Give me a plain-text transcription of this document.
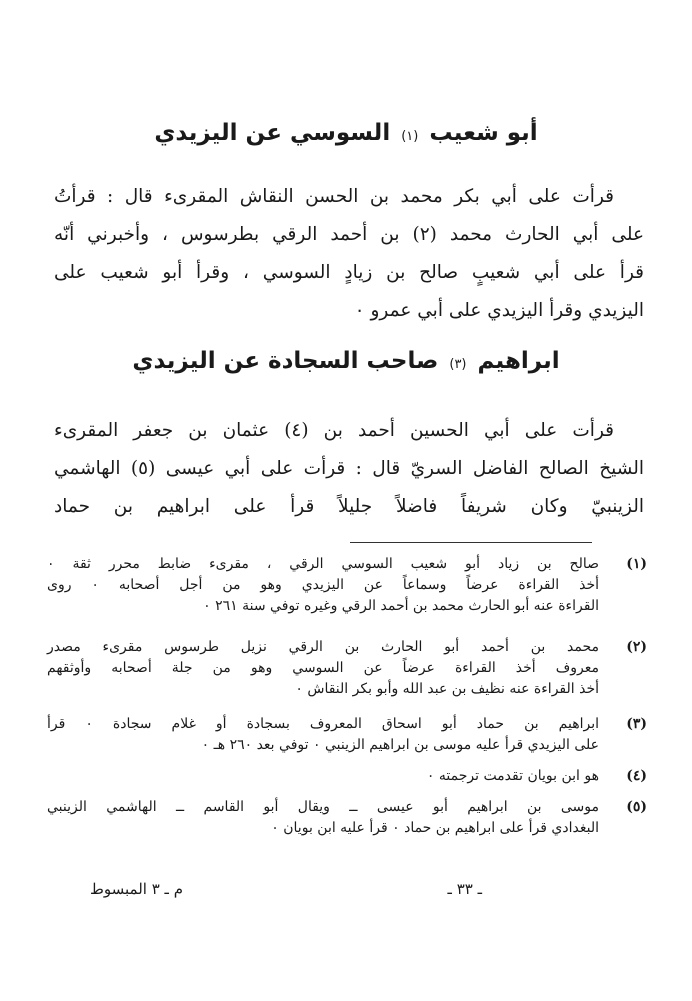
أبو شعيب (١) السوسي عن اليزيدي
قرأت على أبي بكر محمد بن الحسن النقاش المقرىء قال : قرأتُ
على أبي الحارث محمد (٢) بن أحمد الرقي بطرسوس ، وأخبرني أنّه
قرأ على أبي شعيبٍ صالح بن زيادٍ السوسي ، وقرأ أبو شعيب على
اليزيدي وقرأ اليزيدي على أبي عمرو ٠
ابراهيم (٣) صاحب السجادة عن اليزيدي
قرأت على أبي الحسين أحمد بن (٤) عثمان بن جعفر المقرىء
الشيخ الصالح الفاضل السريّ قال : قرأت على أبي عيسى (٥) الهاشمي
الزينبيّ وكان شريفاً فاضلاً جليلاً قرأ على ابراهيم بن حماد
(١)
صالح بن زياد أبو شعيب السوسي الرقي ، مقرىء ضابط محرر ثقة ٠
أخذ القراءة عرضاً وسماعاً عن اليزيدي وهو من أجل أصحابه ٠ روى
القراءة عنه أبو الحارث محمد بن أحمد الرقي وغيره توفي سنة ٢٦١ ٠
(٢)
محمد بن أحمد أبو الحارث بن الرقي نزيل طرسوس مقرىء مصدر
معروف أخذ القراءة عرضاً عن السوسي وهو من جلة أصحابه وأوثقهم
أخذ القراءة عنه نظيف بن عبد الله وأبو بكر النقاش ٠
(٣)
ابراهيم بن حماد أبو اسحاق المعروف بسجادة أو غلام سجادة ٠ قرأ
على اليزيدي قرأ عليه موسى بن ابراهيم الزينبي ٠ توفي بعد ٢٦٠ هـ ٠
(٤)
هو ابن بويان تقدمت ترجمته ٠
(٥)
موسى بن ابراهيم أبو عيسى ــ ويقال أبو القاسم ــ الهاشمي الزينبي
البغدادي قرأ على ابراهيم بن حماد ٠ قرأ عليه ابن بويان ٠
ـ ٣٣ ـ
م ـ ٣ المبسوط
